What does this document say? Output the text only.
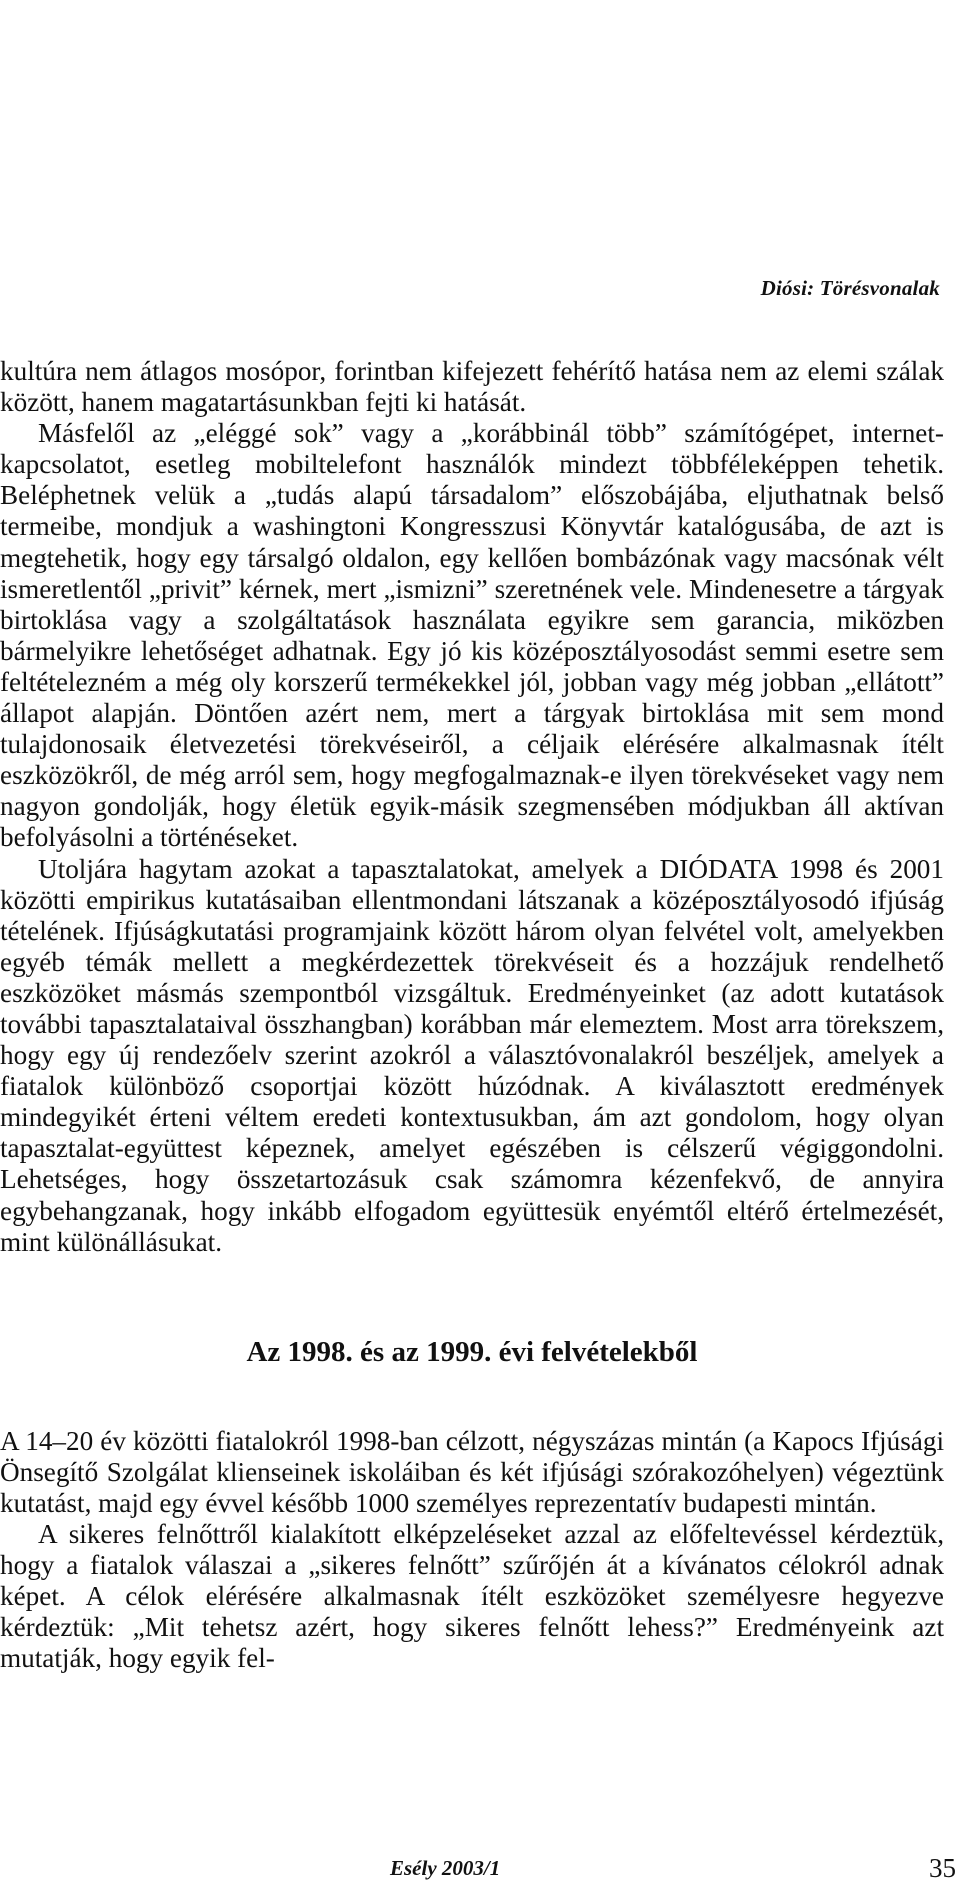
Diósi: Törésvonalak

kultúra nem átlagos mosópor, forintban kifejezett fehérítő hatása nem az elemi szálak között, hanem magatartásunkban fejti ki hatását.

Másfelől az „eléggé sok” vagy a „korábbinál több” számítógépet, internet-kapcsolatot, esetleg mobiltelefont használók mindezt többféleképpen tehetik. Beléphetnek velük a „tudás alapú társadalom” előszobájába, eljuthatnak belső termeibe, mondjuk a washingtoni Kongresszusi Könyvtár katalógusába, de azt is megtehetik, hogy egy társalgó oldalon, egy kellően bombázónak vagy macsónak vélt ismeretlentől „privit” kérnek, mert „ismizni” szeretnének vele. Mindenesetre a tárgyak birtoklása vagy a szolgáltatások használata egyikre sem garancia, miközben bármelyikre lehetőséget adhatnak. Egy jó kis középosztályosodást semmi esetre sem feltételezném a még oly korszerű termékekkel jól, jobban vagy még jobban „ellátott” állapot alapján. Döntően azért nem, mert a tárgyak birtoklása mit sem mond tulajdonosaik életvezetési törekvéseiről, a céljaik elérésére alkalmasnak ítélt eszközökről, de még arról sem, hogy megfogalmaznak-e ilyen törekvéseket vagy nem nagyon gondolják, hogy életük egyik-másik szegmensében módjukban áll aktívan befolyásolni a történéseket.

Utoljára hagytam azokat a tapasztalatokat, amelyek a DIÓDATA 1998 és 2001 közötti empirikus kutatásaiban ellentmondani látszanak a középosztályosodó ifjúság tételének. Ifjúságkutatási programjaink között három olyan felvétel volt, amelyekben egyéb témák mellett a megkérdezettek törekvéseit és a hozzájuk rendelhető eszközöket másmás szempontból vizsgáltuk. Eredményeinket (az adott kutatások további tapasztalataival összhangban) korábban már elemeztem. Most arra törekszem, hogy egy új rendezőelv szerint azokról a választóvonalakról beszéljek, amelyek a fiatalok különböző csoportjai között húzódnak. A kiválasztott eredmények mindegyikét érteni véltem eredeti kontextusukban, ám azt gondolom, hogy olyan tapasztalat-együttest képeznek, amelyet egészében is célszerű végiggondolni. Lehetséges, hogy összetartozásuk csak számomra kézenfekvő, de annyira egybehangzanak, hogy inkább elfogadom együttesük enyémtől eltérő értelmezését, mint különállásukat.

Az 1998. és az 1999. évi felvételekből

A 14–20 év közötti fiatalokról 1998-ban célzott, négyszázas mintán (a Kapocs Ifjúsági Önsegítő Szolgálat klienseinek iskoláiban és két ifjúsági szórakozóhelyen) végeztünk kutatást, majd egy évvel később 1000 személyes reprezentatív budapesti mintán.

A sikeres felnőttről kialakított elképzeléseket azzal az előfeltevéssel kérdeztük, hogy a fiatalok válaszai a „sikeres felnőtt” szűrőjén át a kívánatos célokról adnak képet. A célok elérésére alkalmasnak ítélt eszközöket személyesre hegyezve kérdeztük: „Mit tehetsz azért, hogy sikeres felnőtt lehess?” Eredményeink azt mutatják, hogy egyik fel-

Esély 2003/1	35
